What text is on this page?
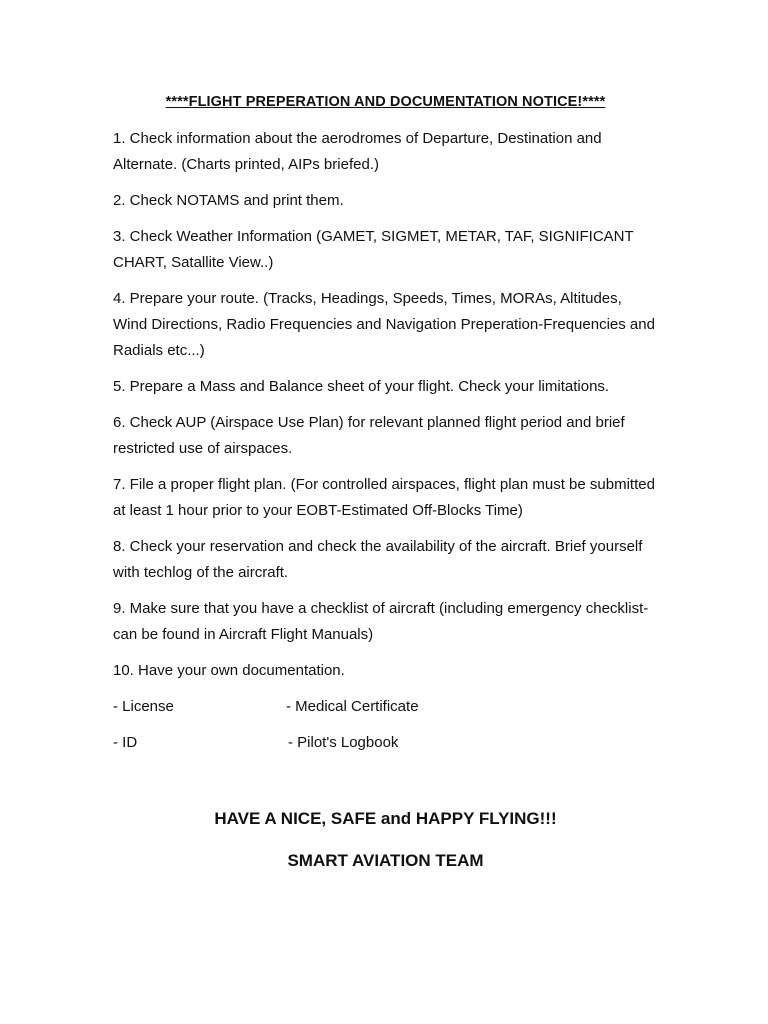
****FLIGHT PREPERATION AND DOCUMENTATION NOTICE!****

1. Check information about the aerodromes of Departure, Destination and Alternate. (Charts printed, AIPs briefed.)

2. Check NOTAMS and print them.

3. Check Weather Information (GAMET, SIGMET, METAR, TAF, SIGNIFICANT CHART, Satallite View..)

4. Prepare your route. (Tracks, Headings, Speeds, Times, MORAs, Altitudes, Wind Directions, Radio Frequencies and Navigation Preperation-Frequencies and Radials etc...)

5. Prepare a Mass and Balance sheet of your flight. Check your limitations.

6. Check AUP (Airspace Use Plan) for relevant planned flight period and brief restricted use of airspaces.

7. File a proper flight plan. (For controlled airspaces, flight plan must be submitted at least 1 hour prior to your EOBT-Estimated Off-Blocks Time)

8. Check your reservation and check the availability of the aircraft. Brief yourself with techlog of the aircraft.

9. Make sure that you have a checklist of aircraft (including emergency checklist-can be found in Aircraft Flight Manuals)

10. Have your own documentation.

- License	- Medical Certificate
- ID	- Pilot's Logbook

HAVE A NICE, SAFE and HAPPY FLYING!!!

SMART AVIATION TEAM
